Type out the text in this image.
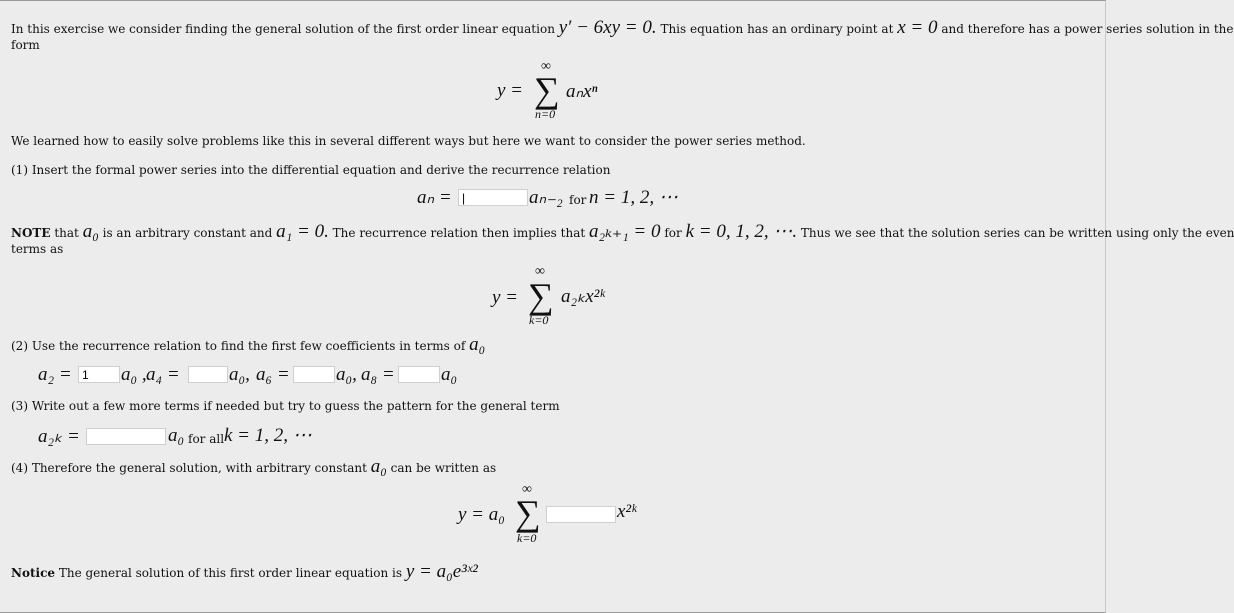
In this exercise we consider finding the general solution of the first order linear equation y′ − 6xy = 0. This equation has an ordinary point at x = 0 and therefore has a power series solution in the
form
y =
∞
∑
n=0
aₙxⁿ
We learned how to easily solve problems like this in several different ways but here we want to consider the power series method.
(1) Insert the formal power series into the differential equation and derive the recurrence relation
aₙ =
|	aₙ₋₂ for n = 1, 2, ⋯
NOTE that a₀ is an arbitrary constant and a₁ = 0. The recurrence relation then implies that a₂ₖ₊₁ = 0 for k = 0, 1, 2, ⋯. Thus we see that the solution series can be written using only the even
terms as
y =
∞
∑
k=0
a₂ₖx²ᵏ
(2) Use the recurrence relation to find the first few coefficients in terms of a₀
a₂ =
1	a₀ , a₄ =	a₀, a₆ = a₀, a₈ = a₀
(3) Write out a few more terms if needed but try to guess the pattern for the general term
a₂ₖ =	a₀ for all k = 1, 2, ⋯
(4) Therefore the general solution, with arbitrary constant a₀ can be written as
y = a₀
∞
∑
k=0
x²ᵏ
Notice The general solution of this first order linear equation is y = a₀e³ˣ²
